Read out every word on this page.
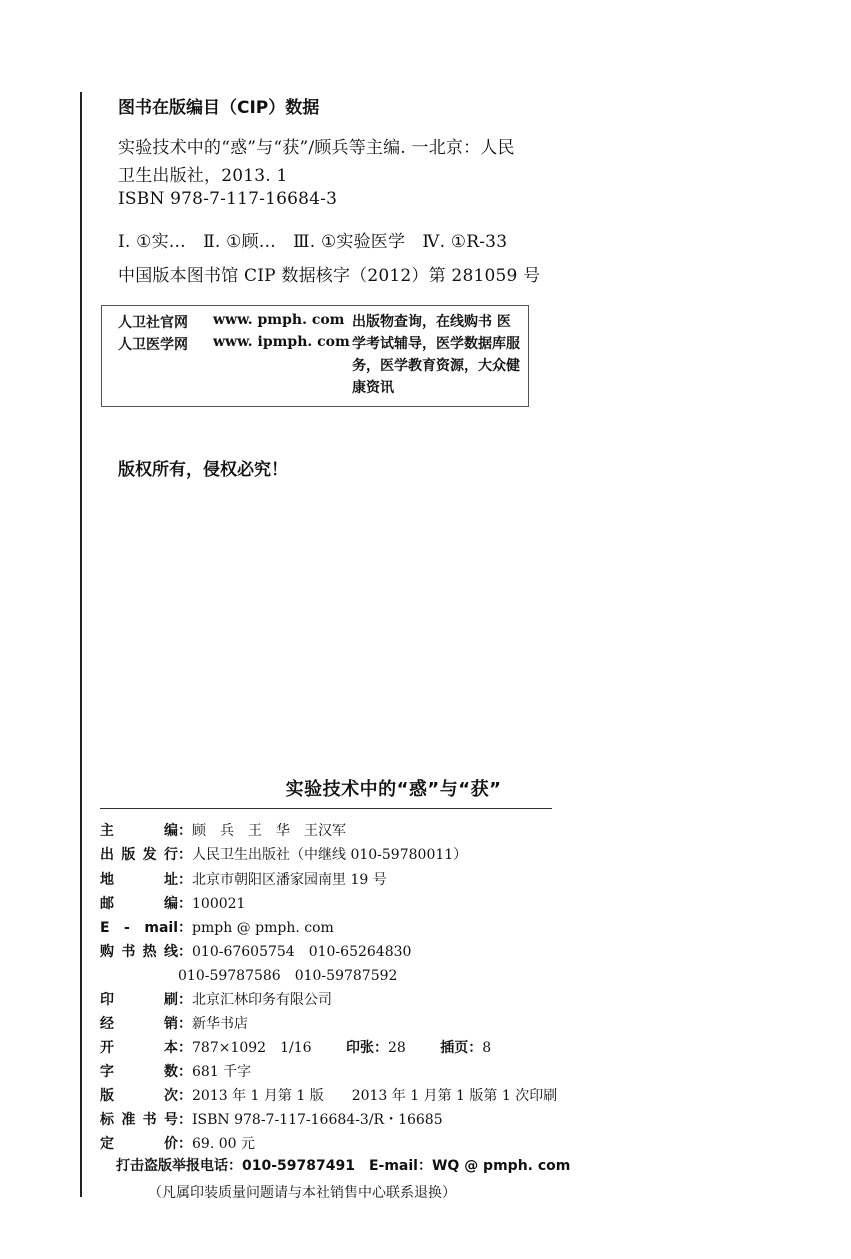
图书在版编目（CIP）数据
实验技术中的“惑”与“获”/顾兵等主编. 一北京：人民
卫生出版社，2013. 1
ISBN 978-7-117-16684-3
Ⅰ. ①实…　Ⅱ. ①顾…　Ⅲ. ①实验医学　Ⅳ. ①R-33
中国版本图书馆 CIP 数据核字（2012）第 281059 号
人卫社官网 www. pmph. com
人卫医学网 www. ipmph. com
出版物查询，在线购书 医学考试辅导，医学数据库服务，医学教育资源，大众健康资讯
版权所有，侵权必究！
实验技术中的“惑”与“获”
主　　编：顾　兵　王　华　王汉军
出版发行：人民卫生出版社（中继线 010-59780011）
地　　址：北京市朝阳区潘家园南里 19 号
邮　　编：100021
E - mail：pmph @ pmph. com
购书热线：010-67605754　010-65264830
010-59787586　010-59787592
印　　刷：北京汇林印务有限公司
经　　销：新华书店
开　　本：787×1092　1/16 印张：28 插页：8
字　　数：681 千字
版　　次：2013 年 1 月第 1 版　　2013 年 1 月第 1 版第 1 次印刷
标准书号：ISBN 978-7-117-16684-3/R・16685
定　　价：69. 00 元
打击盗版举报电话：010-59787491　E-mail：WQ @ pmph. com
（凡属印装质量问题请与本社销售中心联系退换）
